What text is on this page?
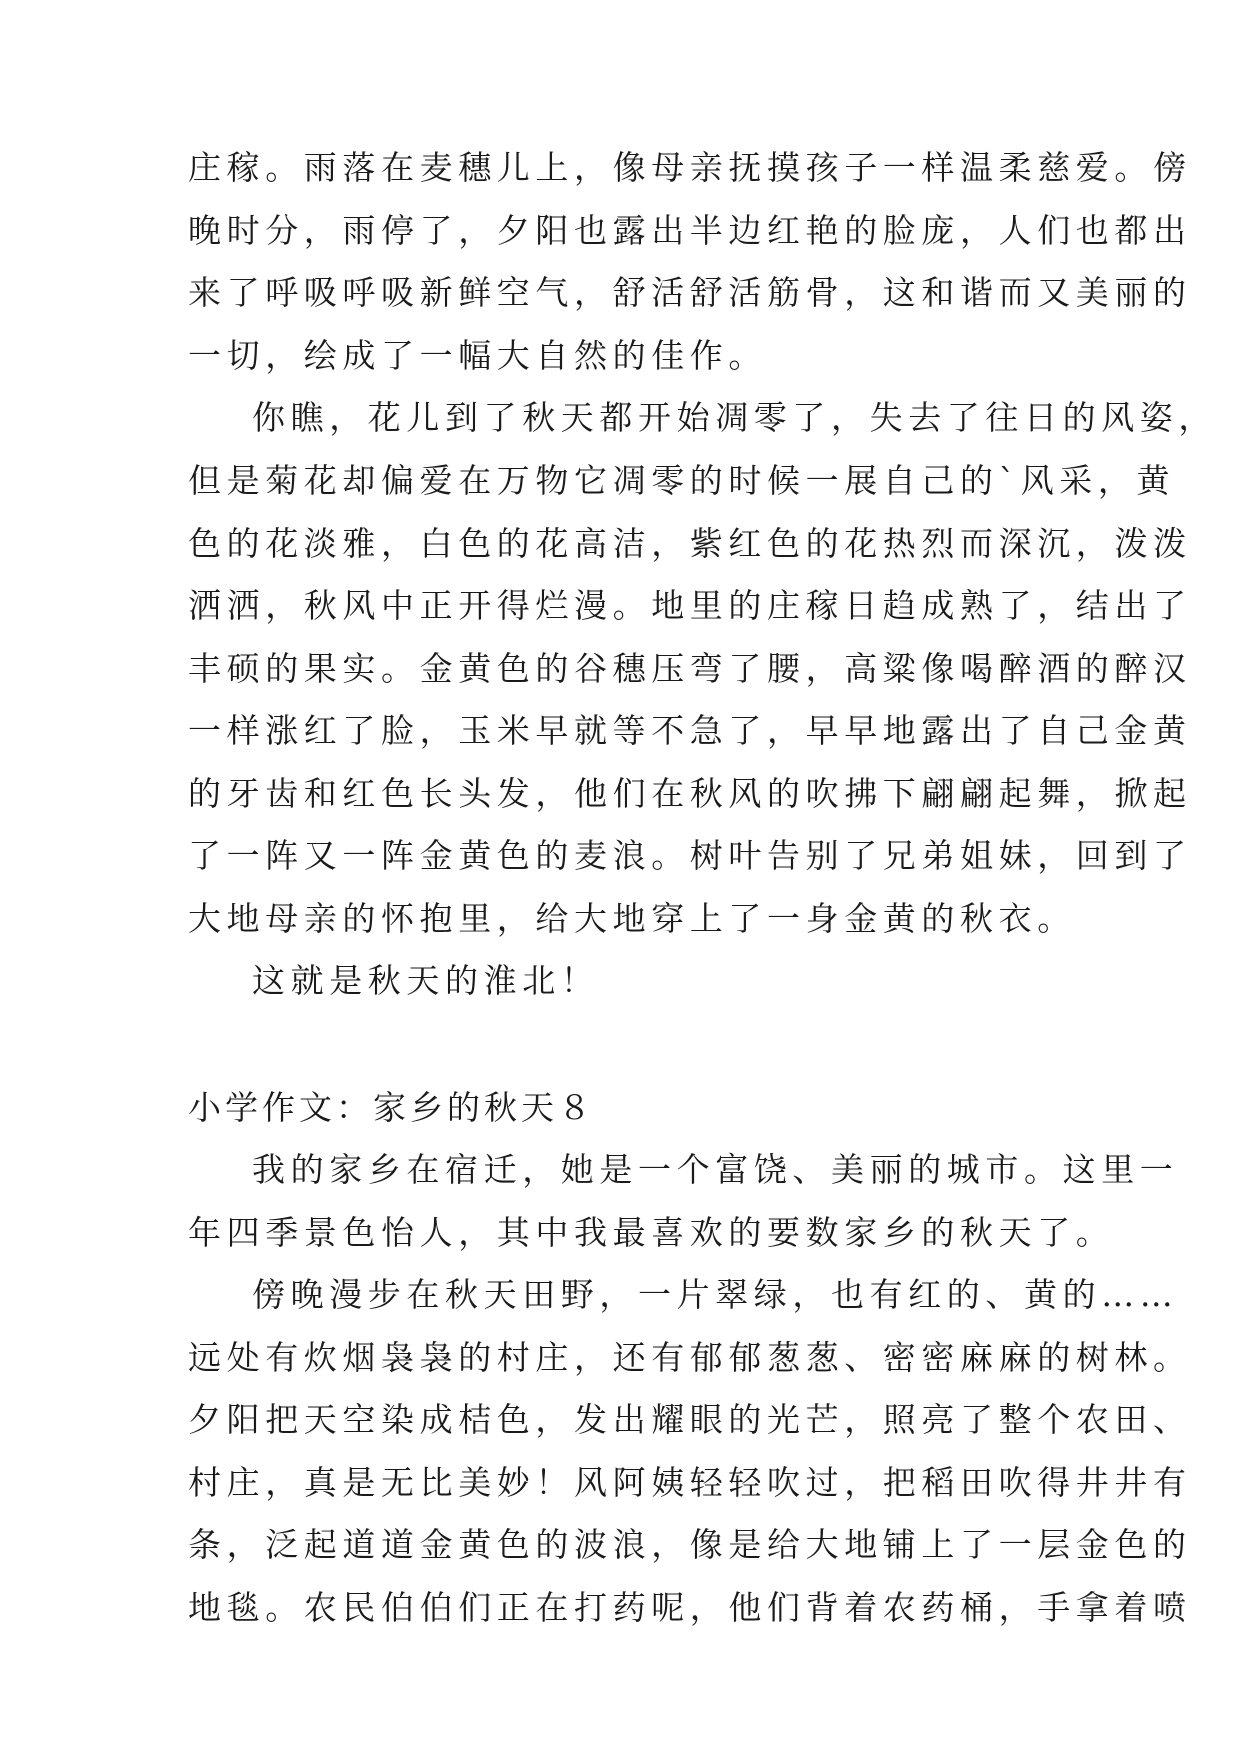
庄稼。雨落在麦穗儿上，像母亲抚摸孩子一样温柔慈爱。傍
晚时分，雨停了，夕阳也露出半边红艳的脸庞，人们也都出
来了呼吸呼吸新鲜空气，舒活舒活筋骨，这和谐而又美丽的
一切，绘成了一幅大自然的佳作。
你瞧，花儿到了秋天都开始凋零了，失去了往日的风姿，
但是菊花却偏爱在万物它凋零的时候一展自己的`风采，黄
色的花淡雅，白色的花高洁，紫红色的花热烈而深沉，泼泼
洒洒，秋风中正开得烂漫。地里的庄稼日趋成熟了，结出了
丰硕的果实。金黄色的谷穗压弯了腰，高粱像喝醉酒的醉汉
一样涨红了脸，玉米早就等不急了，早早地露出了自己金黄
的牙齿和红色长头发，他们在秋风的吹拂下翩翩起舞，掀起
了一阵又一阵金黄色的麦浪。树叶告别了兄弟姐妹，回到了
大地母亲的怀抱里，给大地穿上了一身金黄的秋衣。
这就是秋天的淮北！
小学作文：家乡的秋天８
我的家乡在宿迁，她是一个富饶、美丽的城市。这里一
年四季景色怡人，其中我最喜欢的要数家乡的秋天了。
傍晚漫步在秋天田野，一片翠绿，也有红的、黄的……
远处有炊烟袅袅的村庄，还有郁郁葱葱、密密麻麻的树林。
夕阳把天空染成桔色，发出耀眼的光芒，照亮了整个农田、
村庄，真是无比美妙！风阿姨轻轻吹过，把稻田吹得井井有
条，泛起道道金黄色的波浪，像是给大地铺上了一层金色的
地毯。农民伯伯们正在打药呢，他们背着农药桶，手拿着喷
